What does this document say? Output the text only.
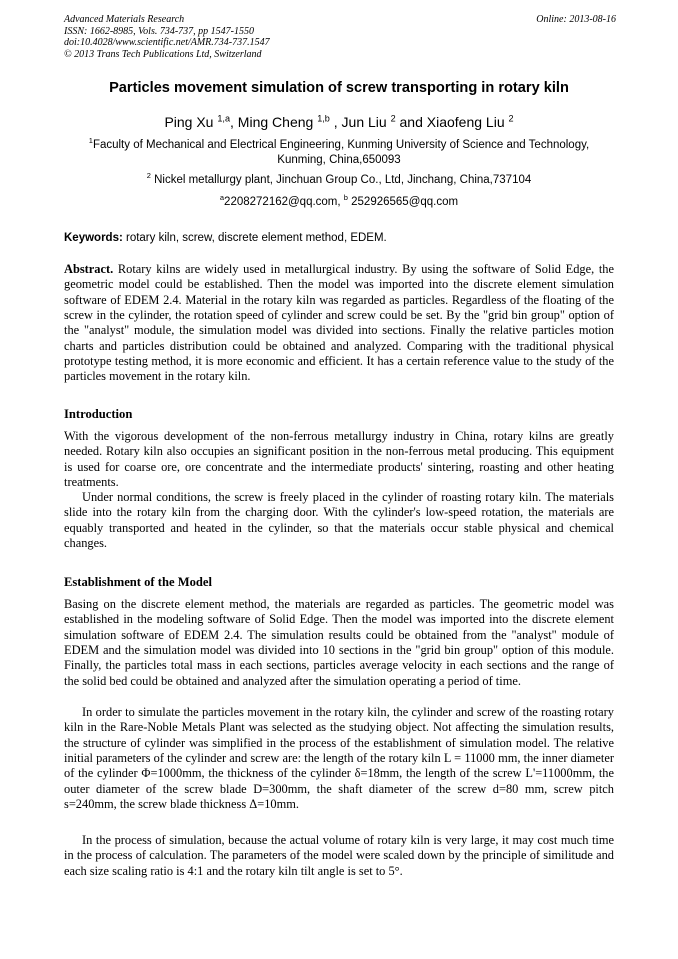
Advanced Materials Research
ISSN: 1662-8985, Vols. 734-737, pp 1547-1550
doi:10.4028/www.scientific.net/AMR.734-737.1547
© 2013 Trans Tech Publications Ltd, Switzerland
Online: 2013-08-16
Particles movement simulation of screw transporting in rotary kiln
Ping Xu $^{1,a}$, Ming Cheng $^{1,b}$ , Jun Liu $^2$ and Xiaofeng Liu $^2$
$^1$Faculty of Mechanical and Electrical Engineering, Kunming University of Science and Technology, Kunming, China,650093
$^2$ Nickel metallurgy plant, Jinchuan Group Co., Ltd, Jinchang, China,737104
$^a$2208272162@qq.com, $^b$ 252926565@qq.com
Keywords: rotary kiln, screw, discrete element method, EDEM.

Abstract. Rotary kilns are widely used in metallurgical industry. By using the software of Solid Edge, the geometric model could be established. Then the model was imported into the discrete element simulation software of EDEM 2.4. Material in the rotary kiln was regarded as particles. Regardless of the floating of the screw in the cylinder, the rotation speed of cylinder and screw could be set. By the "grid bin group" option of the "analyst" module, the simulation model was divided into sections. Finally the relative particles motion charts and particles distribution could be obtained and analyzed. Comparing with the traditional physical prototype testing method, it is more economic and efficient. It has a certain reference value to the study of the particles movement in the rotary kiln.

Introduction

With the vigorous development of the non-ferrous metallurgy industry in China, rotary kilns are greatly needed. Rotary kiln also occupies an significant position in the non-ferrous metal producing. This equipment is used for coarse ore, ore concentrate and the intermediate products' sintering, roasting and other heating treatments.

Under normal conditions, the screw is freely placed in the cylinder of roasting rotary kiln. The materials slide into the rotary kiln from the charging door. With the cylinder's low-speed rotation, the materials are equably transported and heated in the cylinder, so that the materials occur stable physical and chemical changes.

Establishment of the Model

Basing on the discrete element method, the materials are regarded as particles. The geometric model was established in the modeling software of Solid Edge. Then the model was imported into the discrete element simulation software of EDEM 2.4. The simulation results could be obtained from the "analyst" module of EDEM and the simulation model was divided into 10 sections in the "grid bin group" option of this module. Finally, the particles total mass in each sections, particles average velocity in each sections and the range of the solid bed could be obtained and analyzed after the simulation operating a period of time.

In order to simulate the particles movement in the rotary kiln, the cylinder and screw of the roasting rotary kiln in the Rare-Noble Metals Plant was selected as the studying object. Not affecting the simulation results, the structure of cylinder was simplified in the process of the establishment of simulation model. The relative initial parameters of the cylinder and screw are: the length of the rotary kiln L = 11000 mm, the inner diameter of the cylinder Φ=1000mm, the thickness of the cylinder δ=18mm, the length of the screw L'=11000mm, the outer diameter of the screw blade D=300mm, the shaft diameter of the screw d=80 mm, screw pitch s=240mm, the screw blade thickness Δ=10mm.

In the process of simulation, because the actual volume of rotary kiln is very large, it may cost much time in the process of calculation. The parameters of the model were scaled down by the principle of similitude and each size scaling ratio is 4:1 and the rotary kiln tilt angle is set to 5°.
